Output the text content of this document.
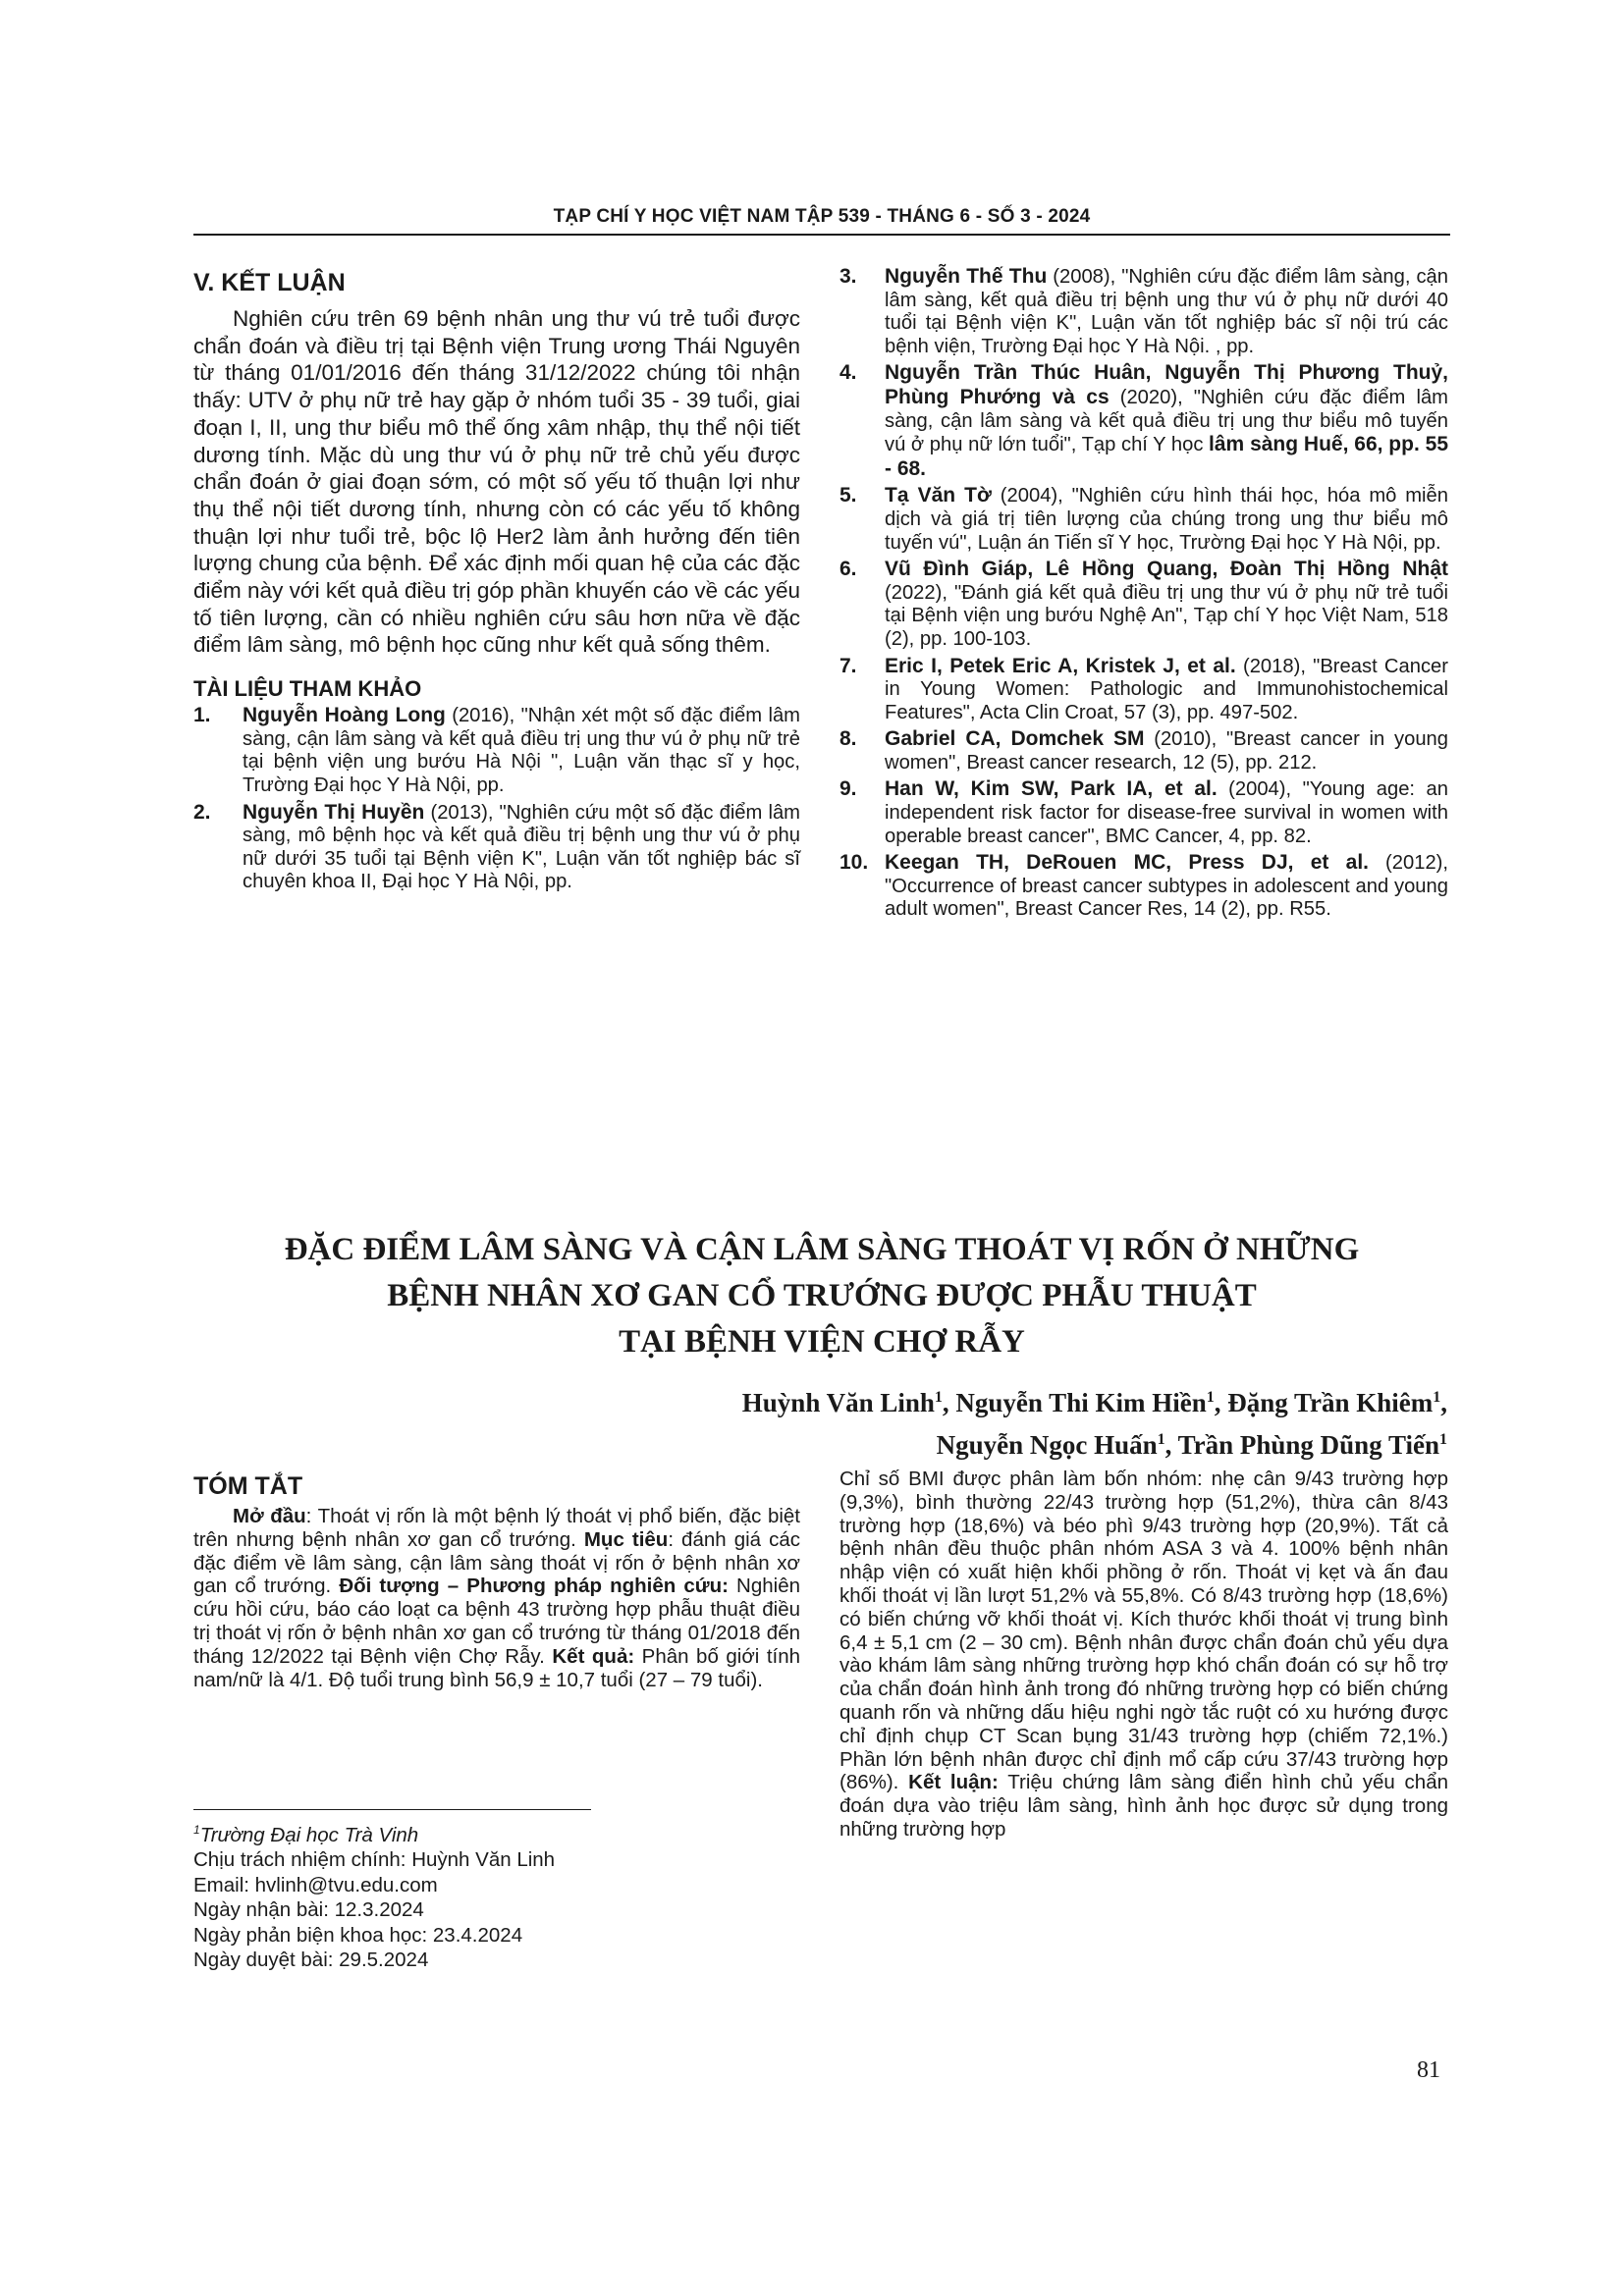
TẠP CHÍ Y HỌC VIỆT NAM TẬP 539 - THÁNG 6 - SỐ 3 - 2024
V. KẾT LUẬN

Nghiên cứu trên 69 bệnh nhân ung thư vú trẻ tuổi được chẩn đoán và điều trị tại Bệnh viện Trung ương Thái Nguyên từ tháng 01/01/2016 đến tháng 31/12/2022 chúng tôi nhận thấy: UTV ở phụ nữ trẻ hay gặp ở nhóm tuổi 35 - 39 tuổi, giai đoạn I, II, ung thư biểu mô thể ống xâm nhập, thụ thể nội tiết dương tính. Mặc dù ung thư vú ở phụ nữ trẻ chủ yếu được chẩn đoán ở giai đoạn sớm, có một số yếu tố thuận lợi như thụ thể nội tiết dương tính, nhưng còn có các yếu tố không thuận lợi như tuổi trẻ, bộc lộ Her2 làm ảnh hưởng đến tiên lượng chung của bệnh. Để xác định mối quan hệ của các đặc điểm này với kết quả điều trị góp phần khuyến cáo về các yếu tố tiên lượng, cần có nhiều nghiên cứu sâu hơn nữa về đặc điểm lâm sàng, mô bệnh học cũng như kết quả sống thêm.

TÀI LIỆU THAM KHẢO
1. Nguyễn Hoàng Long (2016), "Nhận xét một số đặc điểm lâm sàng, cận lâm sàng và kết quả điều trị ung thư vú ở phụ nữ trẻ tại bệnh viện ung bướu Hà Nội ", Luận văn thạc sĩ y học, Trường Đại học Y Hà Nội, pp.
2. Nguyễn Thị Huyền (2013), "Nghiên cứu một số đặc điểm lâm sàng, mô bệnh học và kết quả điều trị bệnh ung thư vú ở phụ nữ dưới 35 tuổi tại Bệnh viện K", Luận văn tốt nghiệp bác sĩ chuyên khoa II, Đại học Y Hà Nội, pp.
3. Nguyễn Thế Thu (2008), "Nghiên cứu đặc điểm lâm sàng, cận lâm sàng, kết quả điều trị bệnh ung thư vú ở phụ nữ dưới 40 tuổi tại Bệnh viện K", Luận văn tốt nghiệp bác sĩ nội trú các bệnh viện, Trường Đại học Y Hà Nội. , pp.
4. Nguyễn Trần Thúc Huân, Nguyễn Thị Phương Thuỷ, Phùng Phướng và cs (2020), "Nghiên cứu đặc điểm lâm sàng, cận lâm sàng và kết quả điều trị ung thư biểu mô tuyến vú ở phụ nữ lớn tuổi", Tạp chí Y học lâm sàng Huế, 66, pp. 55 - 68.
5. Tạ Văn Tờ (2004), "Nghiên cứu hình thái học, hóa mô miễn dịch và giá trị tiên lượng của chúng trong ung thư biểu mô tuyến vú", Luận án Tiến sĩ Y học, Trường Đại học Y Hà Nội, pp.
6. Vũ Đình Giáp, Lê Hồng Quang, Đoàn Thị Hồng Nhật (2022), "Đánh giá kết quả điều trị ung thư vú ở phụ nữ trẻ tuổi tại Bệnh viện ung bướu Nghệ An", Tạp chí Y học Việt Nam, 518 (2), pp. 100-103.
7. Eric I, Petek Eric A, Kristek J, et al. (2018), "Breast Cancer in Young Women: Pathologic and Immunohistochemical Features", Acta Clin Croat, 57 (3), pp. 497-502.
8. Gabriel CA, Domchek SM (2010), "Breast cancer in young women", Breast cancer research, 12 (5), pp. 212.
9. Han W, Kim SW, Park IA, et al. (2004), "Young age: an independent risk factor for disease-free survival in women with operable breast cancer", BMC Cancer, 4, pp. 82.
10. Keegan TH, DeRouen MC, Press DJ, et al. (2012), "Occurrence of breast cancer subtypes in adolescent and young adult women", Breast Cancer Res, 14 (2), pp. R55.
ĐẶC ĐIỂM LÂM SÀNG VÀ CẬN LÂM SÀNG THOÁT VỊ RỐN Ở NHỮNG
BỆNH NHÂN XƠ GAN CỔ TRƯỚNG ĐƯỢC PHẪU THUẬT
TẠI BỆNH VIỆN CHỢ RẪY
Huỳnh Văn Linh$^1$, Nguyễn Thi Kim Hiền$^1$, Đặng Trần Khiêm$^1$,
Nguyễn Ngọc Huấn$^1$, Trần Phùng Dũng Tiến$^1$
TÓM TẮT

Mở đầu: Thoát vị rốn là một bệnh lý thoát vị phổ biến, đặc biệt trên nhưng bệnh nhân xơ gan cổ trướng. Mục tiêu: đánh giá các đặc điểm về lâm sàng, cận lâm sàng thoát vị rốn ở bệnh nhân xơ gan cổ trướng. Đối tượng – Phương pháp nghiên cứu: Nghiên cứu hồi cứu, báo cáo loạt ca bệnh 43 trường hợp phẫu thuật điều trị thoát vị rốn ở bệnh nhân xơ gan cổ trướng từ tháng 01/2018 đến tháng 12/2022 tại Bệnh viện Chợ Rẫy. Kết quả: Phân bố giới tính nam/nữ là 4/1. Độ tuổi trung bình 56,9 ± 10,7 tuổi (27 – 79 tuổi).

$^1$Trường Đại học Trà Vinh
Chịu trách nhiệm chính: Huỳnh Văn Linh
Email: hvlinh@tvu.edu.com
Ngày nhận bài: 12.3.2024
Ngày phản biện khoa học: 23.4.2024
Ngày duyệt bài: 29.5.2024

Chỉ số BMI được phân làm bốn nhóm: nhẹ cân 9/43 trường hợp (9,3%), bình thường 22/43 trường hợp (51,2%), thừa cân 8/43 trường hợp (18,6%) và béo phì 9/43 trường hợp (20,9%). Tất cả bệnh nhân đều thuộc phân nhóm ASA 3 và 4. 100% bệnh nhân nhập viện có xuất hiện khối phồng ở rốn. Thoát vị kẹt và ấn đau khối thoát vị lần lượt 51,2% và 55,8%. Có 8/43 trường hợp (18,6%) có biến chứng vỡ khối thoát vị. Kích thước khối thoát vị trung bình 6,4 ± 5,1 cm (2 – 30 cm). Bệnh nhân được chẩn đoán chủ yếu dựa vào khám lâm sàng những trường hợp khó chẩn đoán có sự hỗ trợ của chẩn đoán hình ảnh trong đó những trường hợp có biến chứng quanh rốn và những dấu hiệu nghi ngờ tắc ruột có xu hướng được chỉ định chụp CT Scan bụng 31/43 trường hợp (chiếm 72,1%.) Phần lớn bệnh nhân được chỉ định mổ cấp cứu 37/43 trường hợp (86%). Kết luận: Triệu chứng lâm sàng điển hình chủ yếu chẩn đoán dựa vào triệu lâm sàng, hình ảnh học được sử dụng trong những trường hợp

81
